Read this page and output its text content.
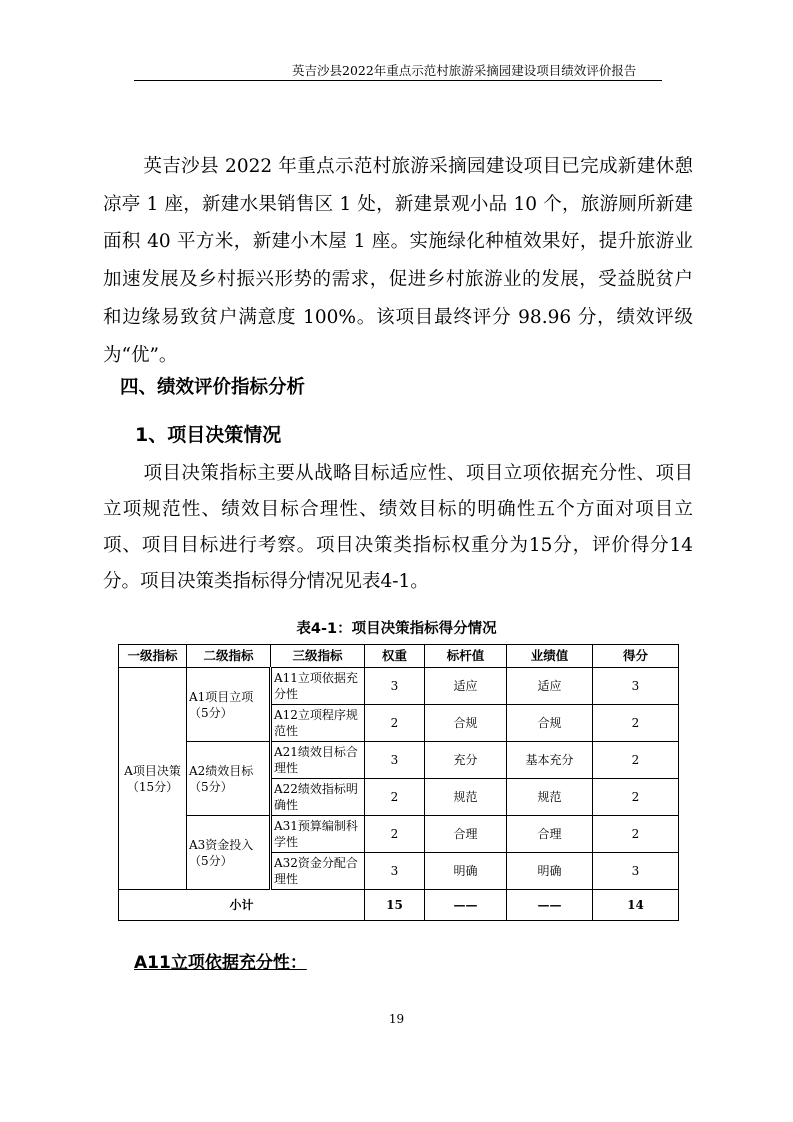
英吉沙县2022年重点示范村旅游采摘园建设项目绩效评价报告
英吉沙县 2022 年重点示范村旅游采摘园建设项目已完成新建休憩凉亭 1 座，新建水果销售区 1 处，新建景观小品 10 个，旅游厕所新建面积 40 平方米，新建小木屋 1 座。实施绿化种植效果好，提升旅游业加速发展及乡村振兴形势的需求，促进乡村旅游业的发展，受益脱贫户和边缘易致贫户满意度 100%。该项目最终评分 98.96 分，绩效评级为“优”。
四、绩效评价指标分析
1、项目决策情况
项目决策指标主要从战略目标适应性、项目立项依据充分性、项目立项规范性、绩效目标合理性、绩效目标的明确性五个方面对项目立项、项目目标进行考察。项目决策类指标权重分为15分，评价得分14分。项目决策类指标得分情况见表4-1。
表4-1：项目决策指标得分情况
一级指标	二级指标	三级指标	权重	标杆值	业绩值	得分
A项目决策（15分）	A1项目立项（5分）	A11立项依据充分性	3	适应	适应	3
		A12立项程序规范性	2	合规	合规	2
	A2绩效目标（5分）	A21绩效目标合理性	3	充分	基本充分	2
		A22绩效指标明确性	2	规范	规范	2
	A3资金投入（5分）	A31预算编制科学性	2	合理	合理	2
		A32资金分配合理性	3	明确	明确	3
小计			15	——	——	14
A11立项依据充分性：
19
